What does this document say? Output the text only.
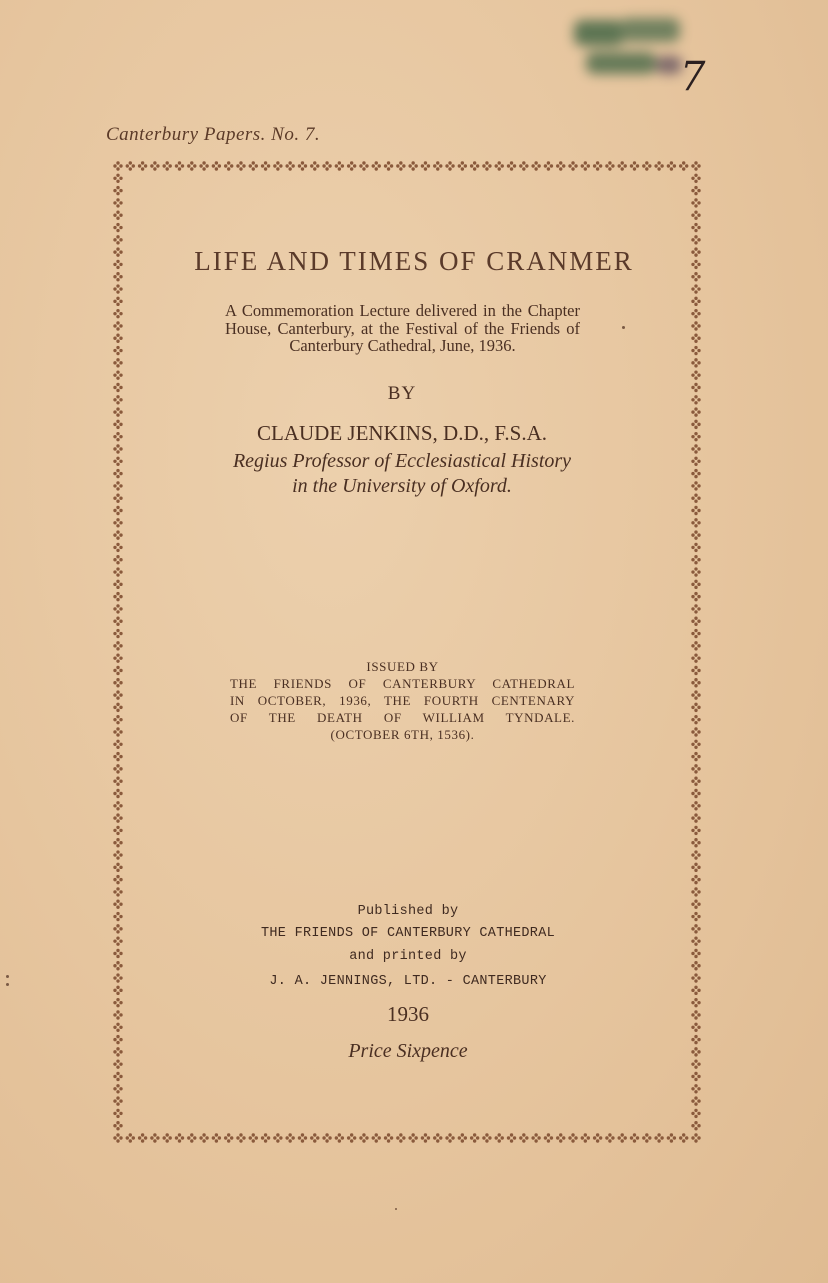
7
Canterbury Papers. No. 7.
LIFE AND TIMES OF CRANMER
A Commemoration Lecture delivered in the Chapter House, Canterbury, at the Festival of the Friends of Canterbury Cathedral, June, 1936.
BY
CLAUDE JENKINS, D.D., F.S.A.
Regius Professor of Ecclesiastical History
in the University of Oxford.
ISSUED BY
THE FRIENDS OF CANTERBURY CATHEDRAL
IN OCTOBER, 1936, THE FOURTH CENTENARY
OF THE DEATH OF WILLIAM TYNDALE.
(OCTOBER 6TH, 1536).
Published by
THE FRIENDS OF CANTERBURY CATHEDRAL
and printed by
J. A. JENNINGS, LTD. - CANTERBURY
1936
Price Sixpence
